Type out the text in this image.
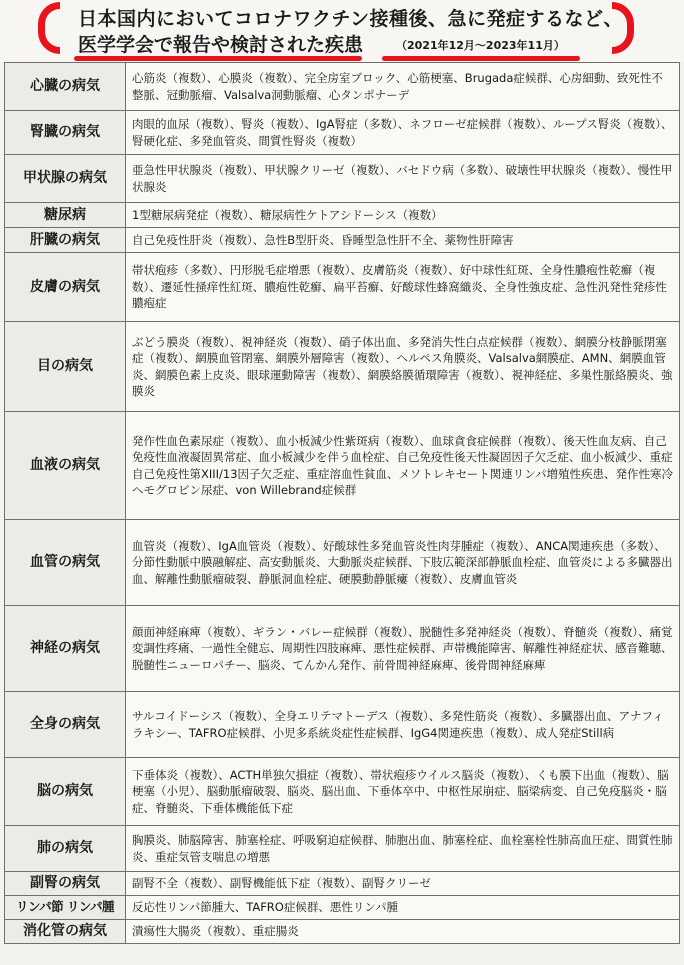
日本国内においてコロナワクチン接種後、急に発症するなど、
医学学会で報告や検討された疾患	（2021年12月〜2023年11月）
心臓の病気	心筋炎（複数）、心膜炎（複数）、完全房室ブロック、心筋梗塞、Brugada症候群、心房細動、致死性不整脈、冠動脈瘤、Valsalva洞動脈瘤、心タンポナーデ
腎臓の病気	肉眼的血尿（複数）、腎炎（複数）、IgA腎症（多数）、ネフローゼ症候群（複数）、ループス腎炎（複数）、腎硬化症、多発血管炎、間質性腎炎（複数）
甲状腺の病気	亜急性甲状腺炎（複数）、甲状腺クリーゼ（複数）、バセドウ病（多数）、破壊性甲状腺炎（複数）、慢性甲状腺炎
糖尿病	1型糖尿病発症（複数）、糖尿病性ケトアシドーシス（複数）
肝臓の病気	自己免疫性肝炎（複数）、急性B型肝炎、昏睡型急性肝不全、薬物性肝障害
皮膚の病気	帯状疱疹（多数）、円形脱毛症増悪（複数）、皮膚筋炎（複数）、好中球性紅斑、全身性膿疱性乾癬（複数）、遷延性掻痒性紅斑、膿疱性乾癬、扁平苔癬、好酸球性蜂窩織炎、全身性強皮症、急性汎発性発疹性膿疱症
目の病気	ぶどう膜炎（複数）、視神経炎（複数）、硝子体出血、多発消失性白点症候群（複数）、網膜分枝静脈閉塞症（複数）、網膜血管閉塞、網膜外層障害（複数）、ヘルペス角膜炎、Valsalva網膜症、AMN、網膜血管炎、網膜色素上皮炎、眼球運動障害（複数）、網膜絡膜循環障害（複数）、視神経症、多巣性脈絡膜炎、強膜炎
血液の病気	発作性血色素尿症（複数）、血小板減少性紫斑病（複数）、血球貪食症候群（複数）、後天性血友病、自己免疫性血液凝固異常症、血小板減少を伴う血栓症、自己免疫性後天性凝固因子欠乏症、血小板減少、重症自己免疫性第XIII/13因子欠乏症、重症溶血性貧血、メソトレキセート関連リンパ増殖性疾患、発作性寒冷ヘモグロビン尿症、von Willebrand症候群
血管の病気	血管炎（複数）、IgA血管炎（複数）、好酸球性多発血管炎性肉芽腫症（複数）、ANCA関連疾患（多数）、分節性動脈中膜融解症、高安動脈炎、大動脈炎症候群、下肢広範深部静脈血栓症、血管炎による多臓器出血、解離性動脈瘤破裂、静脈洞血栓症、硬膜動静脈瘻（複数）、皮膚血管炎
神経の病気	顔面神経麻痺（複数）、ギラン・バレー症候群（複数）、脱髄性多発神経炎（複数）、脊髄炎（複数）、痛覚変調性疼痛、一過性全健忘、周期性四肢麻痺、悪性症候群、声帯機能障害、解離性神経症状、感音難聴、脱髄性ニューロパチー、脳炎、てんかん発作、前骨間神経麻痺、後骨間神経麻痺
全身の病気	サルコイドーシス（複数）、全身エリテマトーデス（複数）、多発性筋炎（複数）、多臓器出血、アナフィラキシー、TAFRO症候群、小児多系統炎症性症候群、IgG4関連疾患（複数）、成人発症Still病
脳の病気	下垂体炎（複数）、ACTH単独欠損症（複数）、帯状疱疹ウイルス脳炎（複数）、くも膜下出血（複数）、脳梗塞（小児）、脳動脈瘤破裂、脳炎、脳出血、下垂体卒中、中枢性尿崩症、脳梁病変、自己免疫脳炎・脳症、脊髄炎、下垂体機能低下症
肺の病気	胸膜炎、肺脳障害、肺塞栓症、呼吸窮迫症候群、肺胞出血、肺塞栓症、血栓塞栓性肺高血圧症、間質性肺炎、重症気管支喘息の増悪
副腎の病気	副腎不全（複数）、副腎機能低下症（複数）、副腎クリーゼ
リンパ節 リンパ腫	反応性リンパ節腫大、TAFRO症候群、悪性リンパ腫
消化管の病気	潰瘍性大腸炎（複数）、重症腸炎
